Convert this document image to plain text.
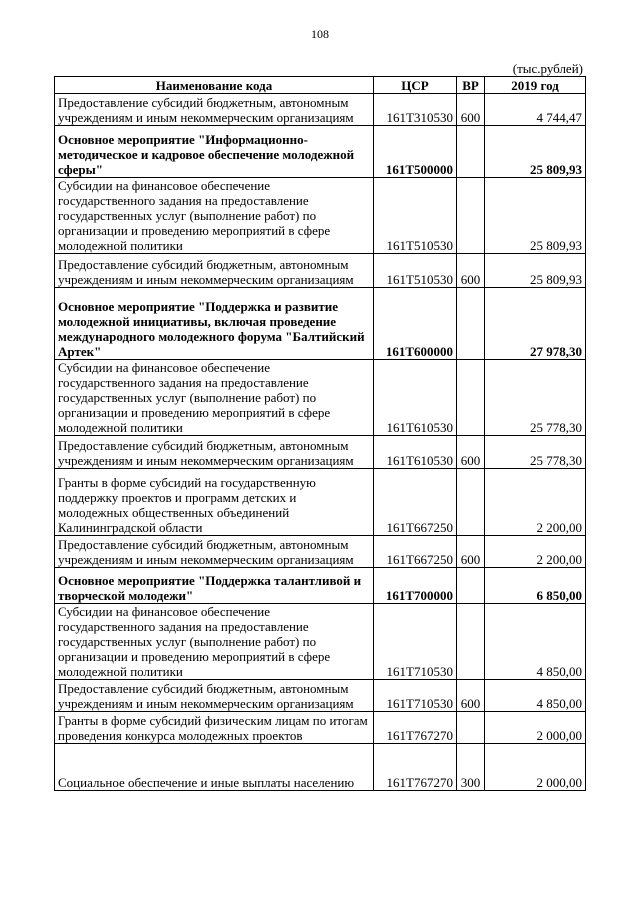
108
(тыс.рублей)
Наименование кода	ЦСР	ВР	2019 год
Предоставление субсидий бюджетным, автономным учреждениям и иным некоммерческим организациям	161Т310530	600	4 744,47
Основное мероприятие "Информационно-методическое и кадровое обеспечение молодежной сферы"	161Т500000		25 809,93
Субсидии на финансовое обеспечение государственного задания на предоставление государственных услуг (выполнение работ) по организации и проведению мероприятий в сфере молодежной политики	161Т510530		25 809,93
Предоставление субсидий бюджетным, автономным учреждениям и иным некоммерческим организациям	161Т510530	600	25 809,93
Основное мероприятие "Поддержка и развитие молодежной инициативы, включая проведение международного молодежного форума "Балтийский Артек"	161Т600000		27 978,30
Субсидии на финансовое обеспечение государственного задания на предоставление государственных услуг (выполнение работ) по организации и проведению мероприятий в сфере молодежной политики	161Т610530		25 778,30
Предоставление субсидий бюджетным, автономным учреждениям и иным некоммерческим организациям	161Т610530	600	25 778,30
Гранты в форме субсидий на государственную поддержку проектов и программ детских и молодежных общественных объединений Калининградской области	161Т667250		2 200,00
Предоставление субсидий бюджетным, автономным учреждениям и иным некоммерческим организациям	161Т667250	600	2 200,00
Основное мероприятие "Поддержка талантливой и творческой молодежи"	161Т700000		6 850,00
Субсидии на финансовое обеспечение государственного задания на предоставление государственных услуг (выполнение работ) по организации и проведению мероприятий в сфере молодежной политики	161Т710530		4 850,00
Предоставление субсидий бюджетным, автономным учреждениям и иным некоммерческим организациям	161Т710530	600	4 850,00
Гранты в форме субсидий физическим лицам по итогам проведения конкурса молодежных проектов	161Т767270		2 000,00
Социальное обеспечение и иные выплаты населению	161Т767270	300	2 000,00
